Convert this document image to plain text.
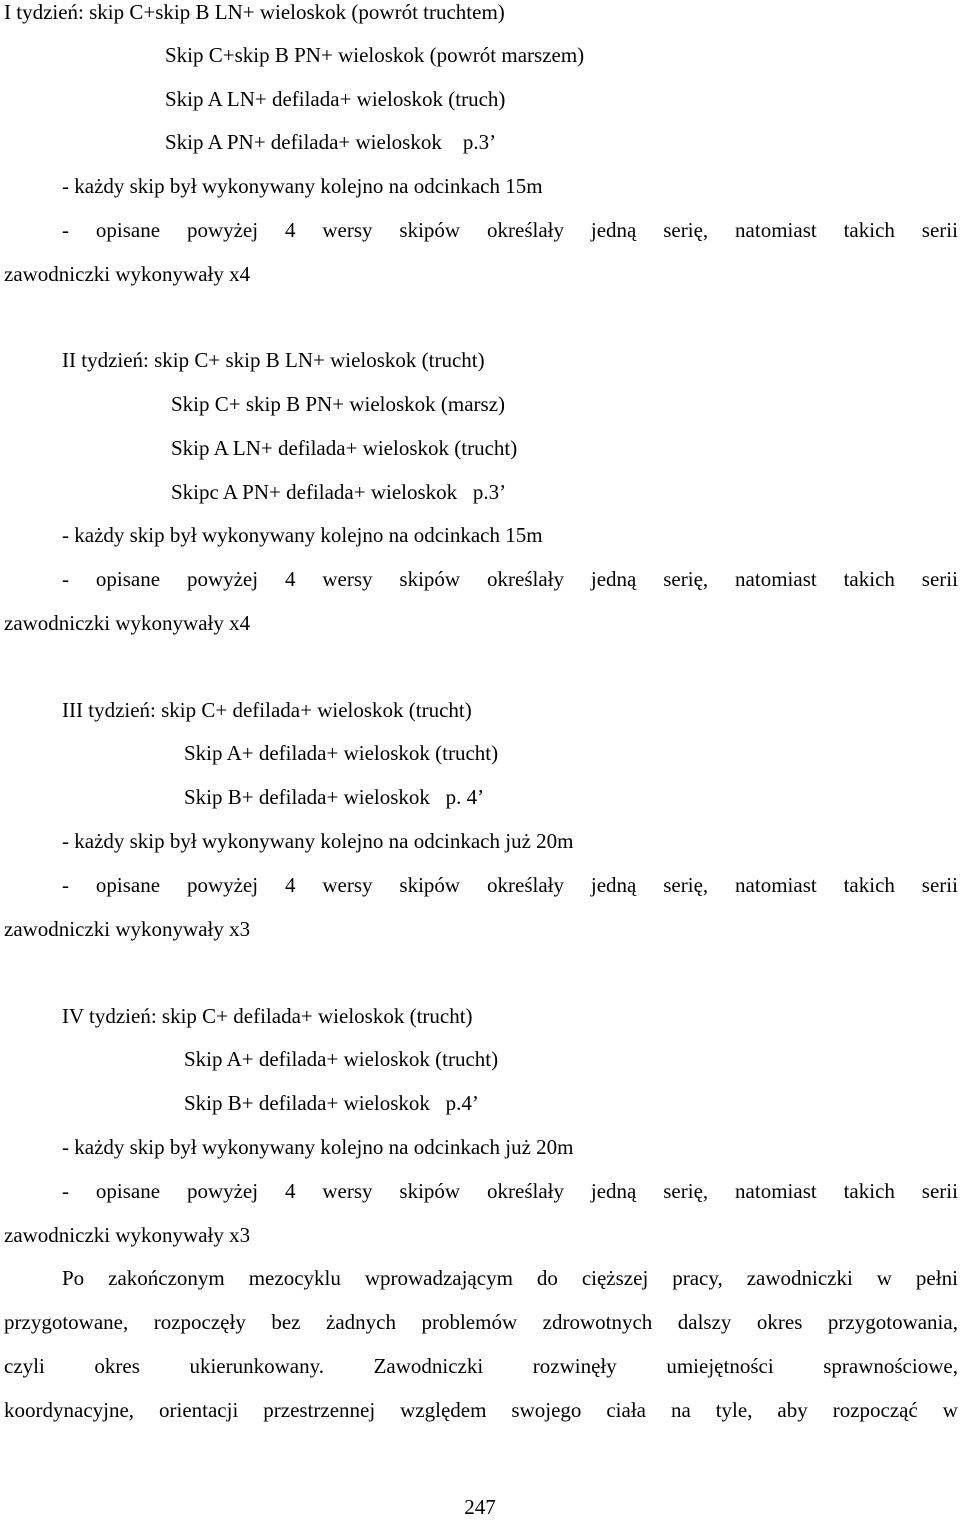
I tydzień: skip C+skip B LN+ wieloskok (powrót truchtem)
Skip C+skip B PN+ wieloskok (powrót marszem)
Skip A LN+ defilada+ wieloskok (truch)
Skip A PN+ defilada+ wieloskok    p.3’
- każdy skip był wykonywany kolejno na odcinkach 15m
- opisane powyżej 4 wersy skipów określały jedną serię, natomiast takich serii
zawodniczki wykonywały x4
II tydzień: skip C+ skip B LN+ wieloskok (trucht)
Skip C+ skip B PN+ wieloskok (marsz)
Skip A LN+ defilada+ wieloskok (trucht)
Skipc A PN+ defilada+ wieloskok   p.3’
- każdy skip był wykonywany kolejno na odcinkach 15m
- opisane powyżej 4 wersy skipów określały jedną serię, natomiast takich serii
zawodniczki wykonywały x4
III tydzień: skip C+ defilada+ wieloskok (trucht)
Skip A+ defilada+ wieloskok (trucht)
Skip B+ defilada+ wieloskok   p. 4’
- każdy skip był wykonywany kolejno na odcinkach już 20m
- opisane powyżej 4 wersy skipów określały jedną serię, natomiast takich serii
zawodniczki wykonywały x3
IV tydzień: skip C+ defilada+ wieloskok (trucht)
Skip A+ defilada+ wieloskok (trucht)
Skip B+ defilada+ wieloskok   p.4’
- każdy skip był wykonywany kolejno na odcinkach już 20m
- opisane powyżej 4 wersy skipów określały jedną serię, natomiast takich serii
zawodniczki wykonywały x3
Po zakończonym mezocyklu wprowadzającym do cięższej pracy, zawodniczki w pełni
przygotowane, rozpoczęły bez żadnych problemów zdrowotnych dalszy okres przygotowania,
czyli okres ukierunkowany. Zawodniczki rozwinęły umiejętności sprawnościowe,
koordynacyjne, orientacji przestrzennej względem swojego ciała na tyle, aby rozpocząć w
247
